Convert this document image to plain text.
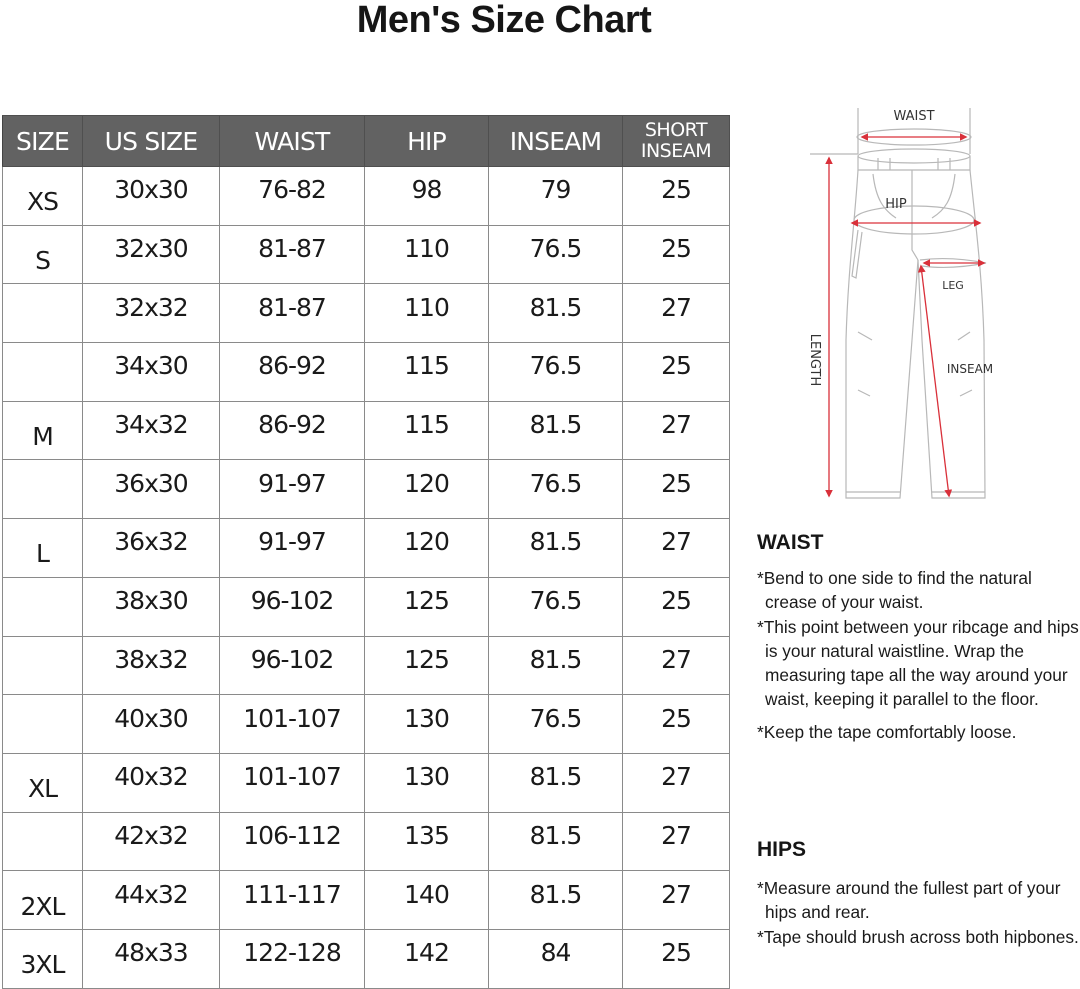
Men's Size Chart
SIZE	US SIZE	WAIST	HIP	INSEAM	SHORT
INSEAM
XS	30x30	76-82	98	79	25
S	32x30	81-87	110	76.5	25
	32x32	81-87	110	81.5	27
	34x30	86-92	115	76.5	25
M	34x32	86-92	115	81.5	27
	36x30	91-97	120	76.5	25
L	36x32	91-97	120	81.5	27
	38x30	96-102	125	76.5	25
	38x32	96-102	125	81.5	27
	40x30	101-107	130	76.5	25
XL	40x32	101-107	130	81.5	27
	42x32	106-112	135	81.5	27
2XL	44x32	111-117	140	81.5	27
3XL	48x33	122-128	142	84	25
WAIST
HIP
LEG
INSEAM
LENGTH
WAIST

*Bend to one side to find the natural crease of your waist.

*This point between your ribcage and hips is your natural waistline. Wrap the measuring tape all the way around your waist, keeping it parallel to the floor.

*Keep the tape comfortably loose.

HIPS

*Measure around the fullest part of your hips and rear.

*Tape should brush across both hipbones.
